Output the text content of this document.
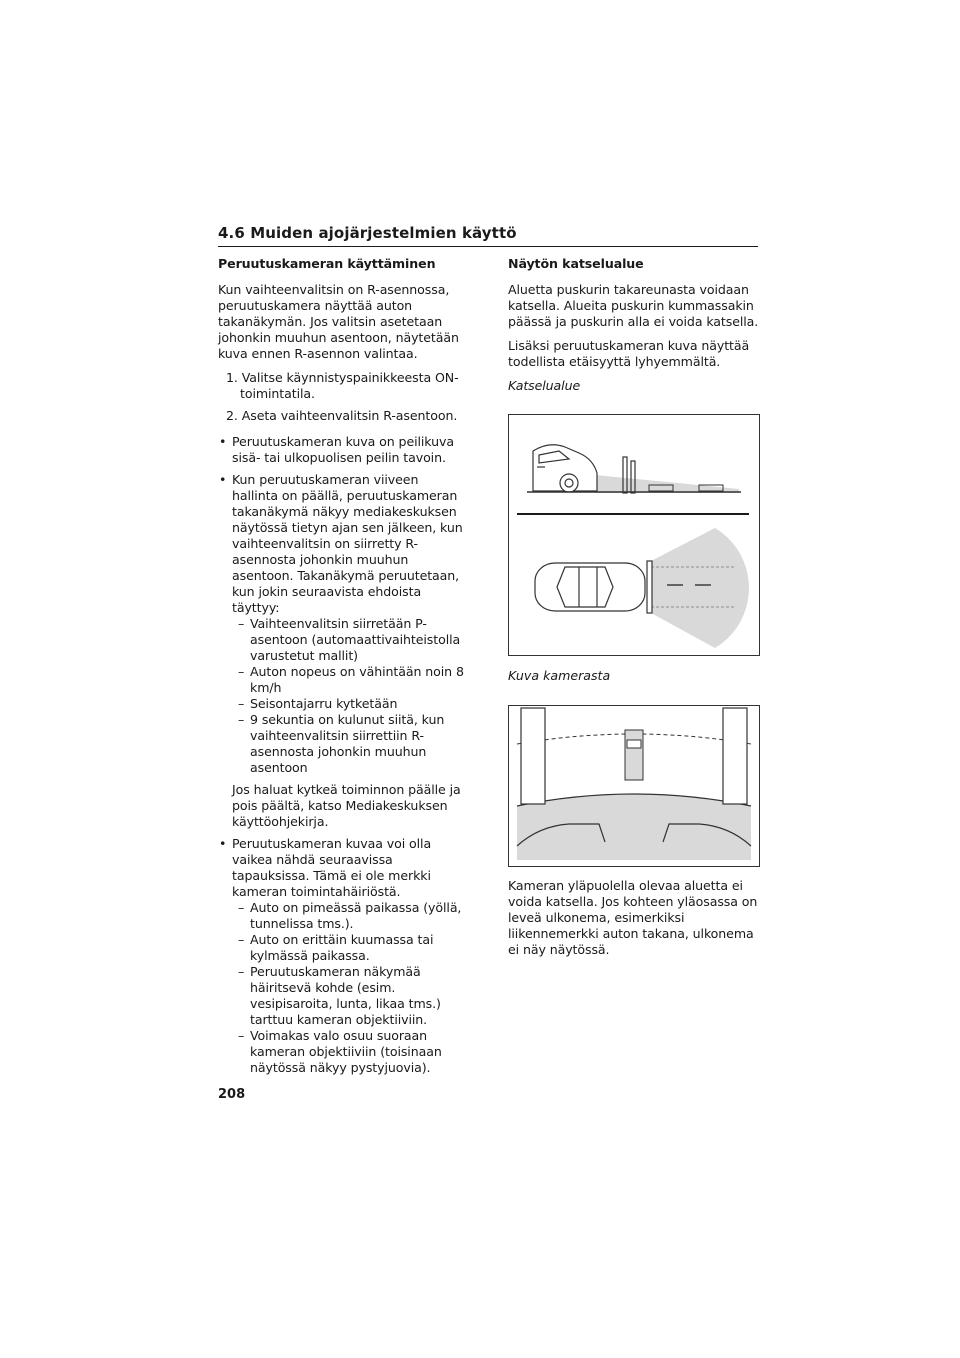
4.6 Muiden ajojärjestelmien käyttö
Peruutuskameran käyttäminen

Kun vaihteenvalitsin on R-asennossa, peruutuskamera näyttää auton takanäkymän. Jos valitsin asetetaan johonkin muuhun asentoon, näytetään kuva ennen R-asennon valintaa.

1. Valitse käynnistyspainikkeesta ON-toimintatila.
2. Aseta vaihteenvalitsin R-asentoon.
• Peruutuskameran kuva on peilikuva sisä- tai ulkopuolisen peilin tavoin.
• Kun peruutuskameran viiveen hallinta on päällä, peruutuskameran takanäkymä näkyy mediakeskuksen näytössä tietyn ajan sen jälkeen, kun vaihteenvalitsin on siirretty R-asennosta johonkin muuhun asentoon. Takanäkymä peruutetaan, kun jokin seuraavista ehdoista täyttyy:
– Vaihteenvalitsin siirretään P-asentoon (automaattivaihteistolla varustetut mallit)
– Auton nopeus on vähintään noin 8 km/h
– Seisontajarru kytketään
– 9 sekuntia on kulunut siitä, kun vaihteenvalitsin siirrettiin R-asennosta johonkin muuhun asentoon
Jos haluat kytkeä toiminnon päälle ja pois päältä, katso Mediakeskuksen käyttöohjekirja.
• Peruutuskameran kuvaa voi olla vaikea nähdä seuraavissa tapauksissa. Tämä ei ole merkki kameran toimintahäiriöstä.
– Auto on pimeässä paikassa (yöllä, tunnelissa tms.).
– Auto on erittäin kuumassa tai kylmässä paikassa.
– Peruutuskameran näkymää häiritsevä kohde (esim. vesipisaroita, lunta, likaa tms.) tarttuu kameran objektiiviin.
– Voimakas valo osuu suoraan kameran objektiiviin (toisinaan näytössä näkyy pystyjuovia).
Näytön katselualue

Aluetta puskurin takareunasta voidaan katsella. Alueita puskurin kummassakin päässä ja puskurin alla ei voida katsella.

Lisäksi peruutuskameran kuva näyttää todellista etäisyyttä lyhyemmältä.

Katselualue
Kuva kamerasta
Kameran yläpuolella olevaa aluetta ei voida katsella. Jos kohteen yläosassa on leveä ulkonema, esimerkiksi liikennemerkki auton takana, ulkonema ei näy näytössä.
208
